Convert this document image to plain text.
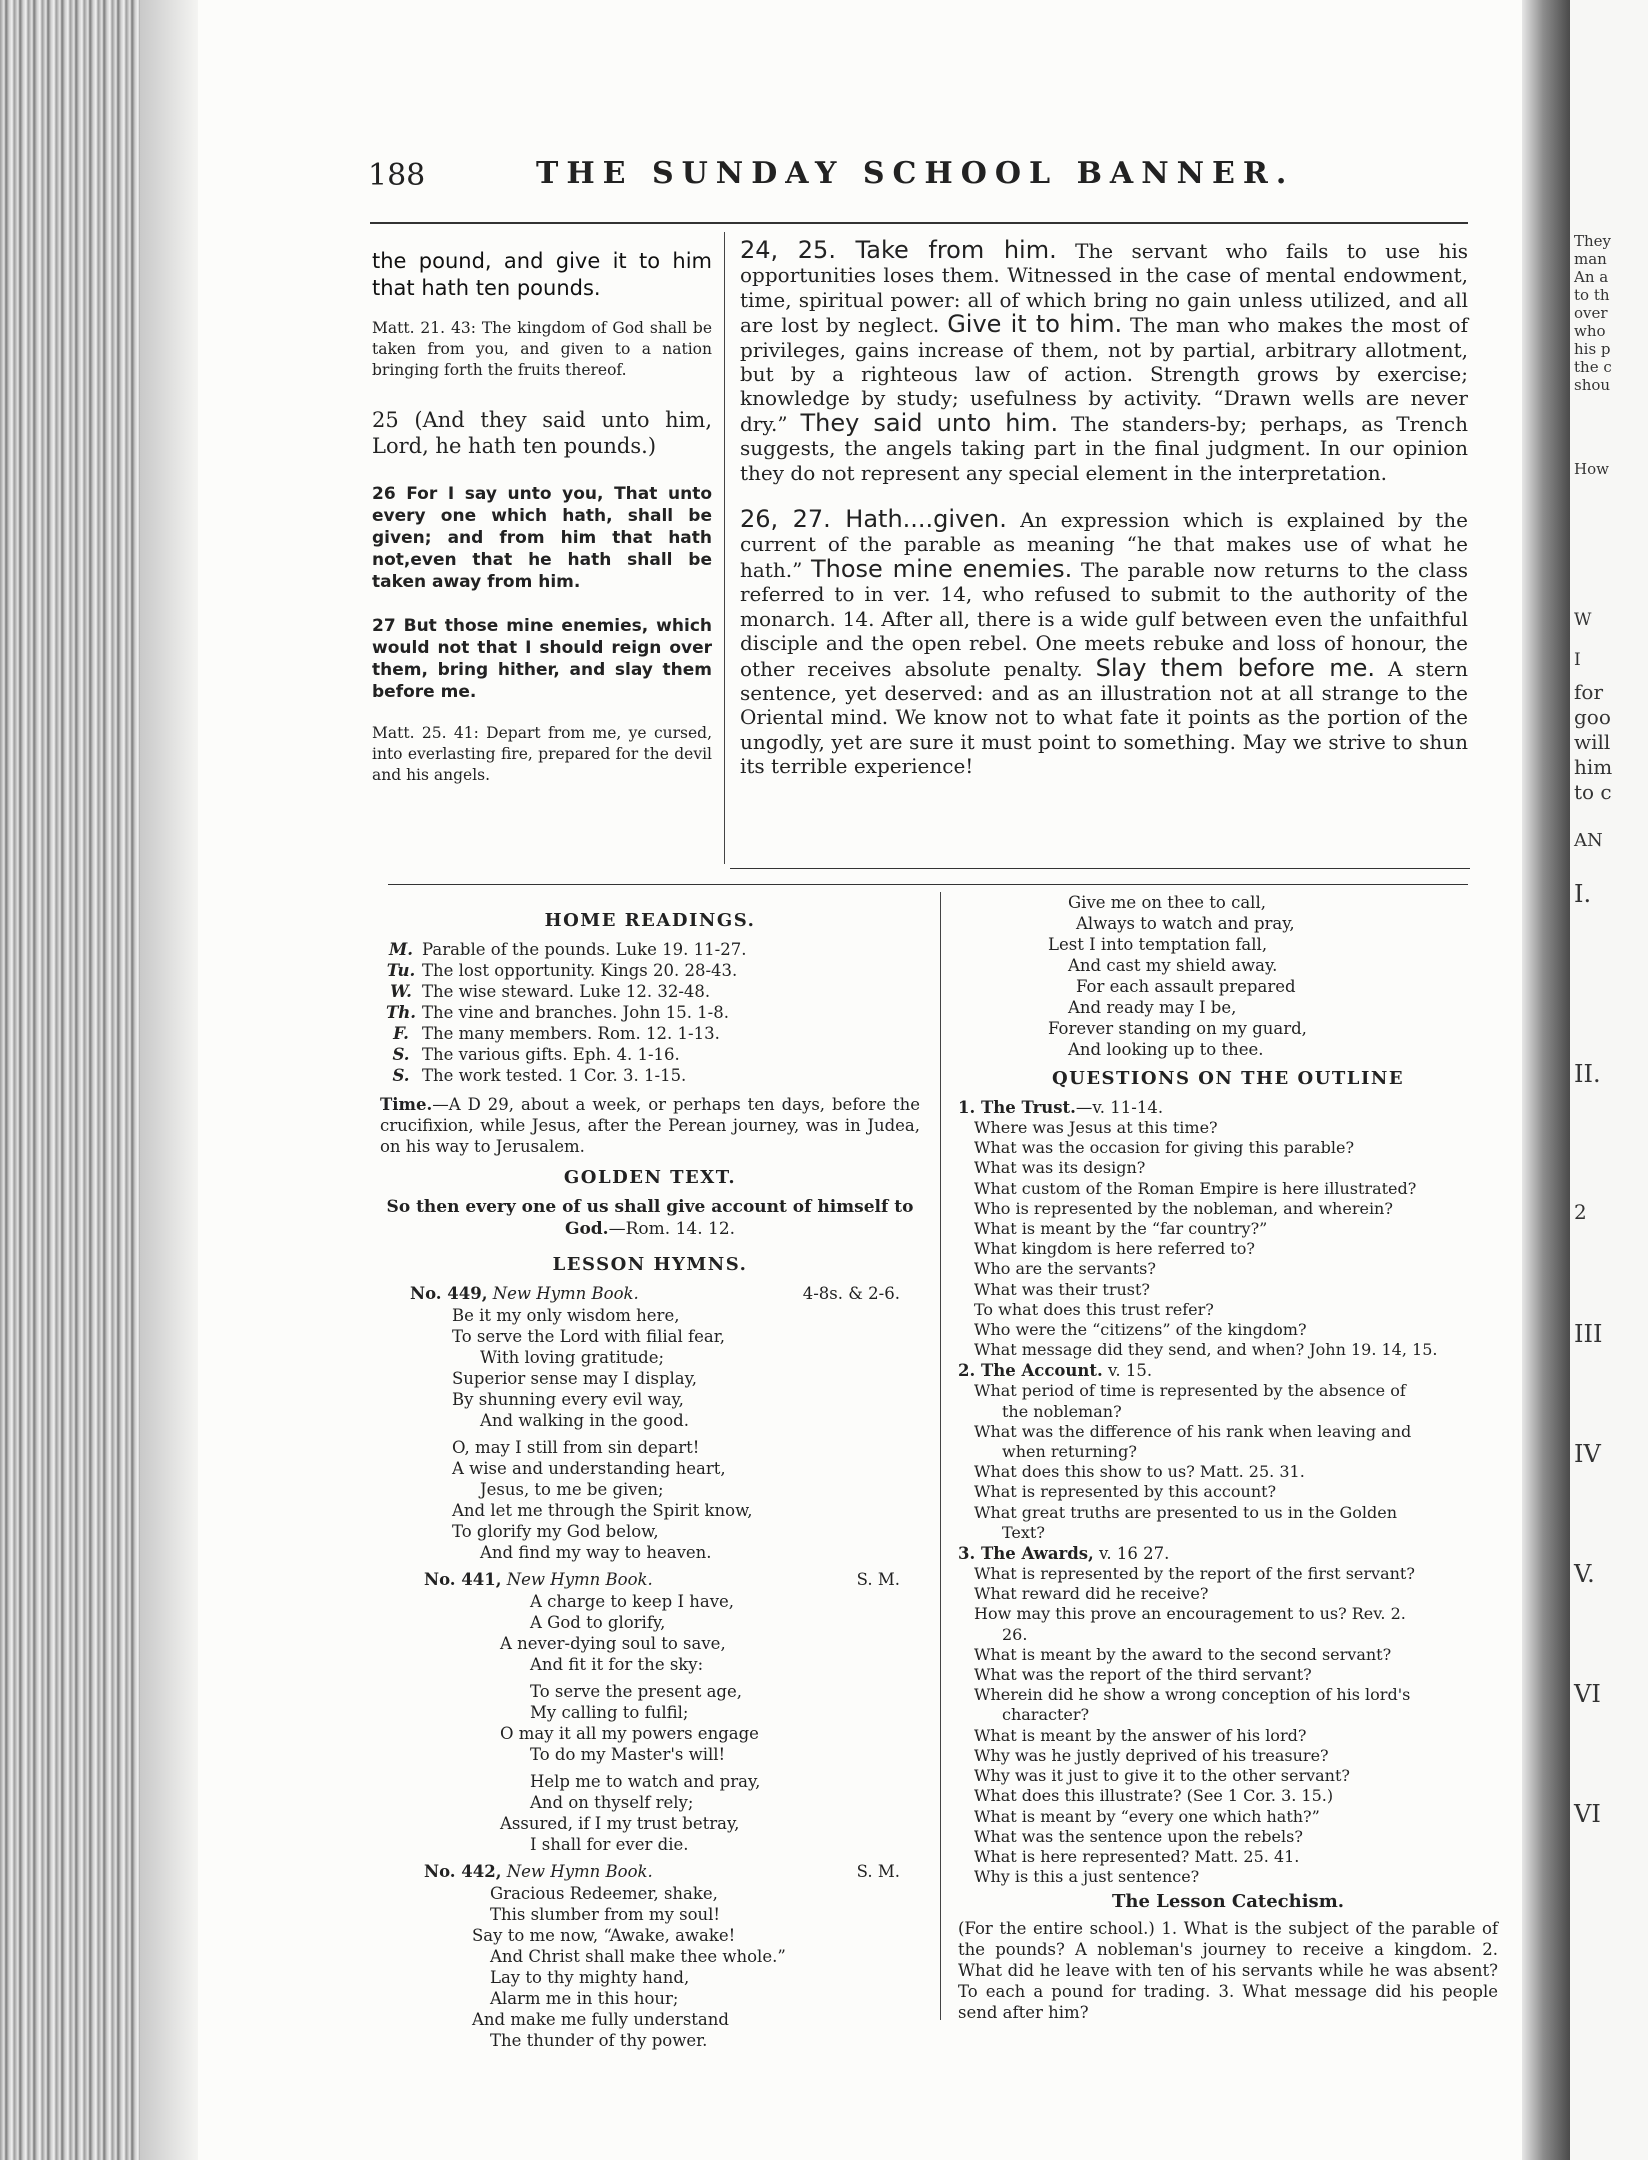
188	THE SUNDAY SCHOOL BANNER.
the pound, and give it to him that hath ten pounds.
Matt. 21. 43: The kingdom of God shall be taken from you, and given to a nation bringing forth the fruits thereof.
25 (And they said unto him, Lord, he hath ten pounds.)
26 For I say unto you, That unto every one which hath, shall be given; and from him that hath not,even that he hath shall be taken away from him.
27 But those mine enemies, which would not that I should reign over them, bring hither, and slay them before me.
Matt. 25. 41: Depart from me, ye cursed, into everlasting fire, prepared for the devil and his angels.

24, 25. Take from him. The servant who fails to use his opportunities loses them. Witnessed in the case of mental endowment, time, spiritual power: all of which bring no gain unless utilized, and all are lost by neglect. Give it to him. The man who makes the most of privileges, gains increase of them, not by partial, arbitrary allotment, but by a righteous law of action. Strength grows by exercise; knowledge by study; usefulness by activity. “Drawn wells are never dry.” They said unto him. The standers-by; perhaps, as Trench suggests, the angels taking part in the final judgment. In our opinion they do not represent any special element in the interpretation.

26, 27. Hath....given. An expression which is explained by the current of the parable as meaning “he that makes use of what he hath.” Those mine enemies. The parable now returns to the class referred to in ver. 14, who refused to submit to the authority of the monarch. 14. After all, there is a wide gulf between even the unfaithful disciple and the open rebel. One meets rebuke and loss of honour, the other receives absolute penalty. Slay them before me. A stern sentence, yet deserved: and as an illustration not at all strange to the Oriental mind. We know not to what fate it points as the portion of the ungodly, yet are sure it must point to something. May we strive to shun its terrible experience!

HOME READINGS.
M. Parable of the pounds. Luke 19. 11-27.
Tu. The lost opportunity. Kings 20. 28-43.
W. The wise steward. Luke 12. 32-48.
Th. The vine and branches. John 15. 1-8.
F. The many members. Rom. 12. 1-13.
S. The various gifts. Eph. 4. 1-16.
S. The work tested. 1 Cor. 3. 1-15.
Time.—A D 29, about a week, or perhaps ten days, before the crucifixion, while Jesus, after the Perean journey, was in Judea, on his way to Jerusalem.
GOLDEN TEXT.
So then every one of us shall give account of himself to God.—Rom. 14. 12.
LESSON HYMNS.
No. 449, New Hymn Book.	4-8s. & 2-6.
Be it my only wisdom here,
To serve the Lord with filial fear,
With loving gratitude;
Superior sense may I display,
By shunning every evil way,
And walking in the good.
O, may I still from sin depart!
A wise and understanding heart,
Jesus, to me be given;
And let me through the Spirit know,
To glorify my God below,
And find my way to heaven.
No. 441, New Hymn Book.	S. M.
A charge to keep I have,
A God to glorify,
A never-dying soul to save,
And fit it for the sky:
To serve the present age,
My calling to fulfil;
O may it all my powers engage
To do my Master's will!
Help me to watch and pray,
And on thyself rely;
Assured, if I my trust betray,
I shall for ever die.
No. 442, New Hymn Book.	S. M.
Gracious Redeemer, shake,
This slumber from my soul!
Say to me now, “Awake, awake!
And Christ shall make thee whole.”
Lay to thy mighty hand,
Alarm me in this hour;
And make me fully understand
The thunder of thy power.
Give me on thee to call,
Always to watch and pray,
Lest I into temptation fall,
And cast my shield away.
For each assault prepared
And ready may I be,
Forever standing on my guard,
And looking up to thee.
QUESTIONS ON THE OUTLINE
1. The Trust.—v. 11-14.
Where was Jesus at this time?
What was the occasion for giving this parable?
What was its design?
What custom of the Roman Empire is here illustrated?
Who is represented by the nobleman, and wherein?
What is meant by the “far country?”
What kingdom is here referred to?
Who are the servants?
What was their trust?
To what does this trust refer?
Who were the “citizens” of the kingdom?
What message did they send, and when? John 19. 14, 15.
2. The Account. v. 15.
What period of time is represented by the absence of
the nobleman?
What was the difference of his rank when leaving and
when returning?
What does this show to us? Matt. 25. 31.
What is represented by this account?
What great truths are presented to us in the Golden
Text?
3. The Awards, v. 16 27.
What is represented by the report of the first servant?
What reward did he receive?
How may this prove an encouragement to us? Rev. 2.
26.
What is meant by the award to the second servant?
What was the report of the third servant?
Wherein did he show a wrong conception of his lord's
character?
What is meant by the answer of his lord?
Why was he justly deprived of his treasure?
Why was it just to give it to the other servant?
What does this illustrate? (See 1 Cor. 3. 15.)
What is meant by “every one which hath?”
What was the sentence upon the rebels?
What is here represented? Matt. 25. 41.
Why is this a just sentence?
The Lesson Catechism.
(For the entire school.) 1. What is the subject of the parable of the pounds? A nobleman's journey to receive a kingdom. 2. What did he leave with ten of his servants while he was absent? To each a pound for trading. 3. What message did his people send after him?
They
man
An a
to th
over
who
his p
the c
shou
How
W
I
for
goo
will
him
to c
AN
I.
II.
2
III
IV
V.
VI
VI
